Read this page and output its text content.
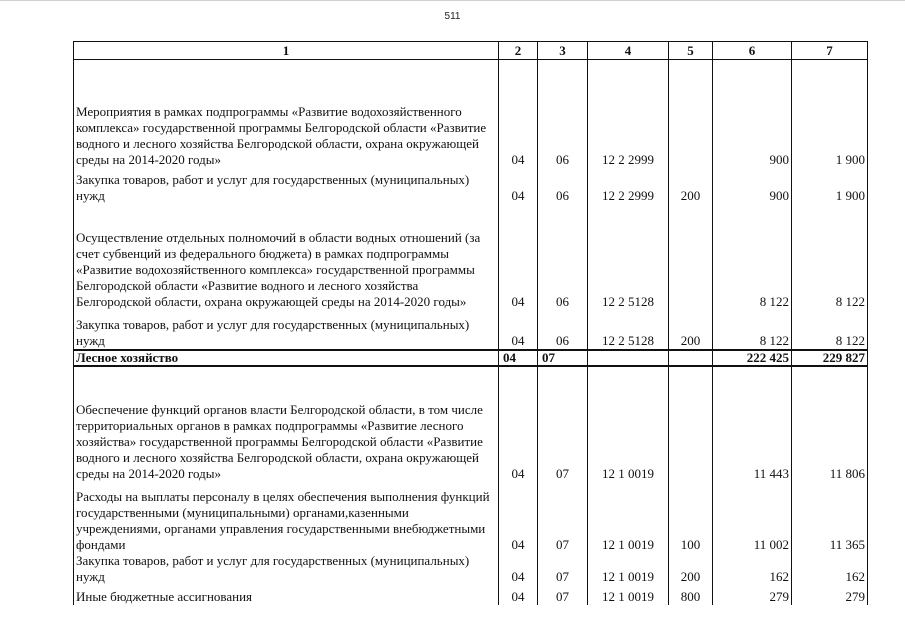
511
1	2	3	4	5	6	7

Мероприятия в рамках подпрограммы «Развитие водохозяйственного комплекса» государственной программы Белгородской области «Развитие водного и лесного хозяйства Белгородской области, охрана окружающей среды на 2014-2020 годы»	04	06	12 2 2999		900	1 900

Закупка товаров, работ и услуг для государственных (муниципальных) нужд	04	06	12 2 2999	200	900	1 900

Осуществление отдельных полномочий в области водных отношений (за счет субвенций из федерального бюджета) в рамках подпрограммы «Развитие водохозяйственного комплекса» государственной программы Белгородской области «Развитие водного и лесного хозяйства Белгородской области, охрана окружающей среды на 2014-2020 годы»	04	06	12 2 5128		8 122	8 122

Закупка товаров, работ и услуг для государственных (муниципальных) нужд	04	06	12 2 5128	200	8 122	8 122
Лесное хозяйство	04	07			222 425	229 827

Обеспечение функций органов власти Белгородской области, в том числе территориальных органов в рамках подпрограммы «Развитие лесного хозяйства» государственной программы Белгородской области «Развитие водного и лесного хозяйства Белгородской области, охрана окружающей среды на 2014-2020 годы»	04	07	12 1 0019		11 443	11 806

Расходы на выплаты персоналу в целях обеспечения выполнения функций государственными (муниципальными) органами,казенными учреждениями, органами управления государственными внебюджетными фондами	04	07	12 1 0019	100	11 002	11 365

Закупка товаров, работ и услуг для государственных (муниципальных) нужд	04	07	12 1 0019	200	162	162

Иные бюджетные ассигнования	04	07	12 1 0019	800	279	279
